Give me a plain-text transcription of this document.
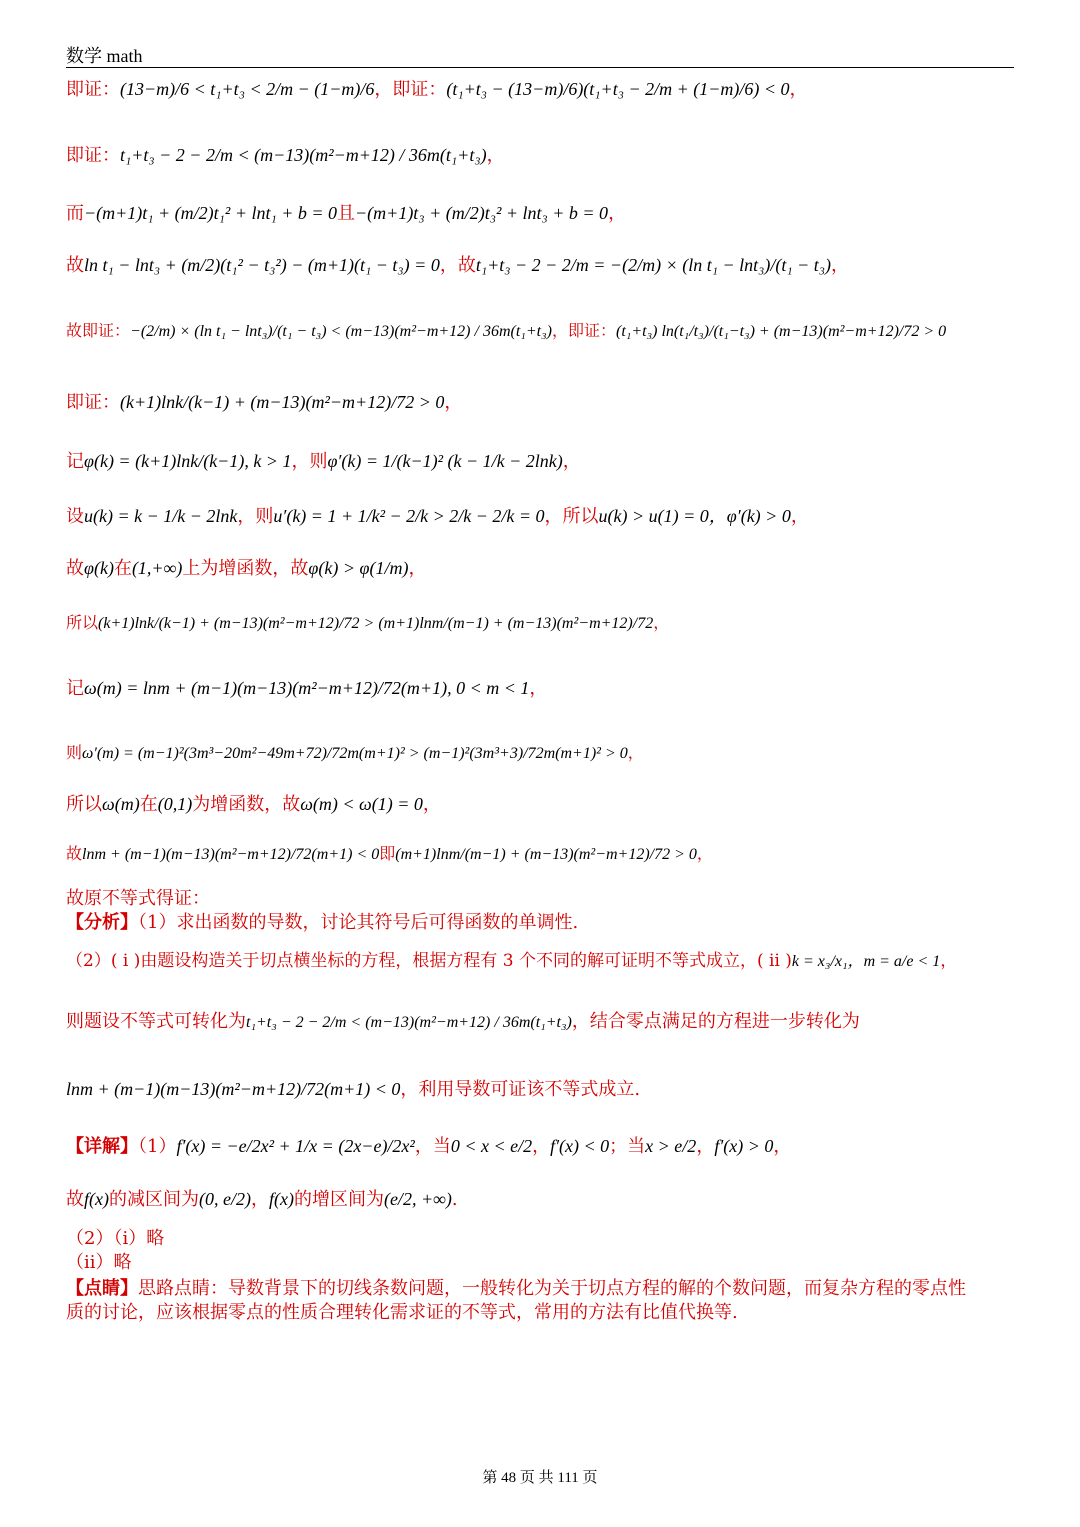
数学 math
即证：(13−m)/6 < t₁+t₃ < 2/m − (1−m)/6，即证：(t₁+t₃ − (13−m)/6)(t₁+t₃ − 2/m + (1−m)/6) < 0，
即证：t₁+t₃ − 2 − 2/m < (m−13)(m²−m+12) / 36m(t₁+t₃)，
而−(m+1)t₁ + (m/2)t₁² + lnt₁ + b = 0且−(m+1)t₃ + (m/2)t₃² + lnt₃ + b = 0，
故ln t₁ − lnt₃ + (m/2)(t₁² − t₃²) − (m+1)(t₁ − t₃) = 0，故t₁+t₃ − 2 − 2/m = −(2/m) × (ln t₁ − lnt₃)/(t₁ − t₃)，
故即证：−(2/m) × (ln t₁ − lnt₃)/(t₁ − t₃) < (m−13)(m²−m+12) / 36m(t₁+t₃)，即证：(t₁+t₃) ln(t₁/t₃)/(t₁−t₃) + (m−13)(m²−m+12)/72 > 0
即证：(k+1)lnk/(k−1) + (m−13)(m²−m+12)/72 > 0，
记φ(k) = (k+1)lnk/(k−1), k > 1，则φ′(k) = 1/(k−1)² (k − 1/k − 2lnk)，
设u(k) = k − 1/k − 2lnk，则u′(k) = 1 + 1/k² − 2/k > 2/k − 2/k = 0，所以u(k) > u(1) = 0，φ′(k) > 0，
故φ(k)在(1,+∞)上为增函数，故φ(k) > φ(1/m)，
所以(k+1)lnk/(k−1) + (m−13)(m²−m+12)/72 > (m+1)lnm/(m−1) + (m−13)(m²−m+12)/72，
记ω(m) = lnm + (m−1)(m−13)(m²−m+12)/72(m+1), 0 < m < 1，
则ω′(m) = (m−1)²(3m³−20m²−49m+72)/72m(m+1)² > (m−1)²(3m³+3)/72m(m+1)² > 0，
所以ω(m)在(0,1)为增函数，故ω(m) < ω(1) = 0，
故lnm + (m−1)(m−13)(m²−m+12)/72(m+1) < 0即(m+1)lnm/(m−1) + (m−13)(m²−m+12)/72 > 0，
故原不等式得证：
【分析】（1）求出函数的导数，讨论其符号后可得函数的单调性.
（2）( ⅰ )由题设构造关于切点横坐标的方程，根据方程有 3 个不同的解可证明不等式成立，( ⅱ )k = x₃/x₁，m = a/e < 1，
则题设不等式可转化为t₁+t₃ − 2 − 2/m < (m−13)(m²−m+12) / 36m(t₁+t₃)，结合零点满足的方程进一步转化为
lnm + (m−1)(m−13)(m²−m+12)/72(m+1) < 0，利用导数可证该不等式成立.
【详解】（1）f′(x) = −e/2x² + 1/x = (2x−e)/2x²，当0 < x < e/2，f′(x) < 0；当x > e/2，f′(x) > 0，
故f(x)的减区间为(0, e/2)，f(x)的增区间为(e/2, +∞).
（2）（ⅰ）略
（ⅱ）略
【点睛】思路点睛：导数背景下的切线条数问题，一般转化为关于切点方程的解的个数问题，而复杂方程的零点性
质的讨论，应该根据零点的性质合理转化需求证的不等式，常用的方法有比值代换等.
第 48 页 共 111 页
